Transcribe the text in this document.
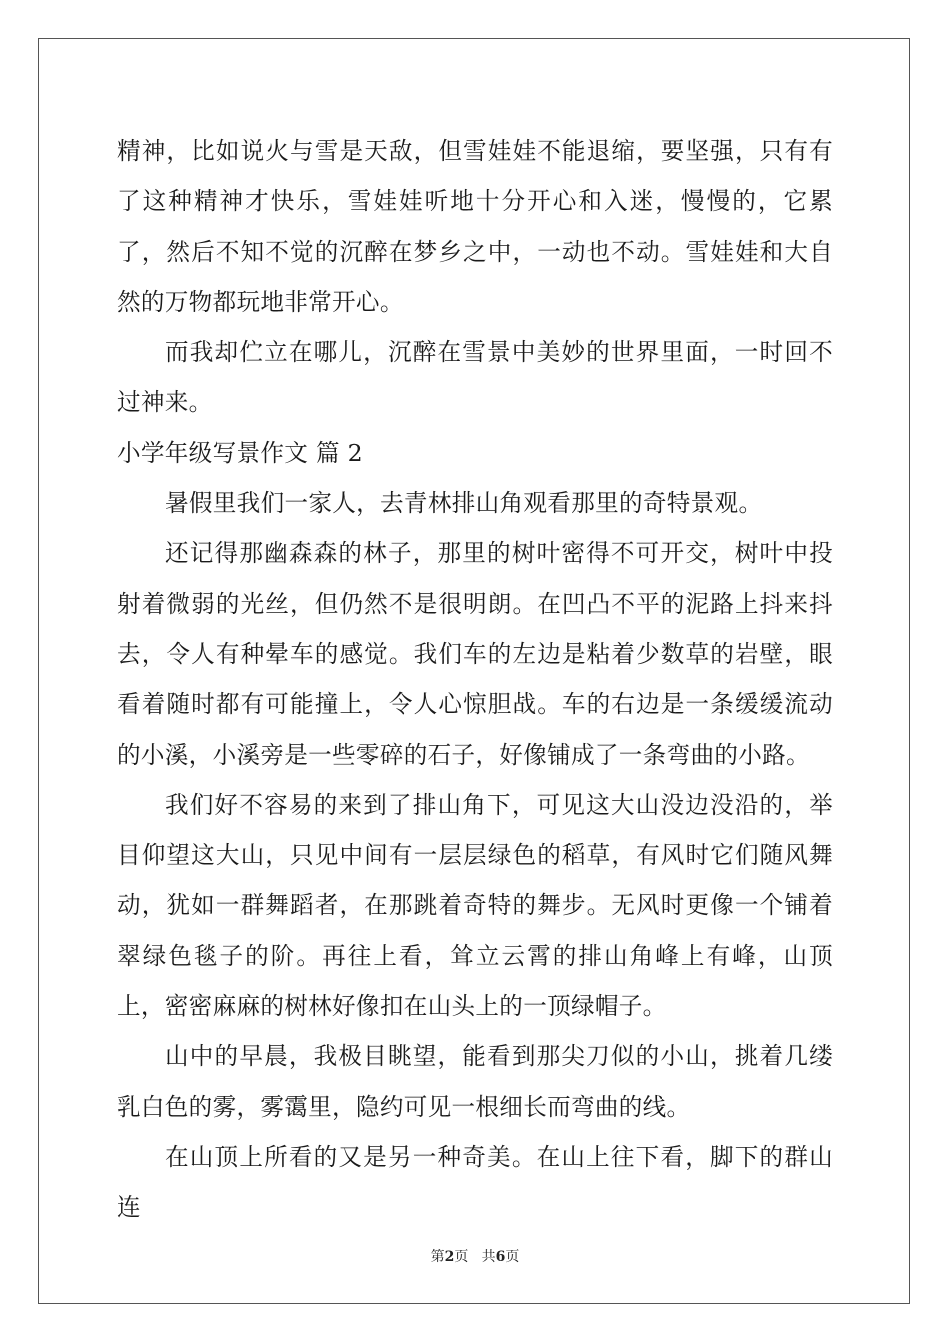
精神，比如说火与雪是天敌，但雪娃娃不能退缩，要坚强，只有有了这种精神才快乐，雪娃娃听地十分开心和入迷，慢慢的，它累了，然后不知不觉的沉醉在梦乡之中，一动也不动。雪娃娃和大自然的万物都玩地非常开心。

而我却伫立在哪儿，沉醉在雪景中美妙的世界里面，一时回不过神来。

小学年级写景作文 篇 2

暑假里我们一家人，去青林排山角观看那里的奇特景观。

还记得那幽森森的林子，那里的树叶密得不可开交，树叶中投射着微弱的光丝，但仍然不是很明朗。在凹凸不平的泥路上抖来抖去，令人有种晕车的感觉。我们车的左边是粘着少数草的岩壁，眼看着随时都有可能撞上，令人心惊胆战。车的右边是一条缓缓流动的小溪，小溪旁是一些零碎的石子，好像铺成了一条弯曲的小路。

我们好不容易的来到了排山角下，可见这大山没边没沿的，举目仰望这大山，只见中间有一层层绿色的稻草，有风时它们随风舞动，犹如一群舞蹈者，在那跳着奇特的舞步。无风时更像一个铺着翠绿色毯子的阶。再往上看，耸立云霄的排山角峰上有峰，山顶上，密密麻麻的树林好像扣在山头上的一顶绿帽子。

山中的早晨，我极目眺望，能看到那尖刀似的小山，挑着几缕乳白色的雾，雾霭里，隐约可见一根细长而弯曲的线。

在山顶上所看的又是另一种奇美。在山上往下看，脚下的群山连

第2页   共6页
